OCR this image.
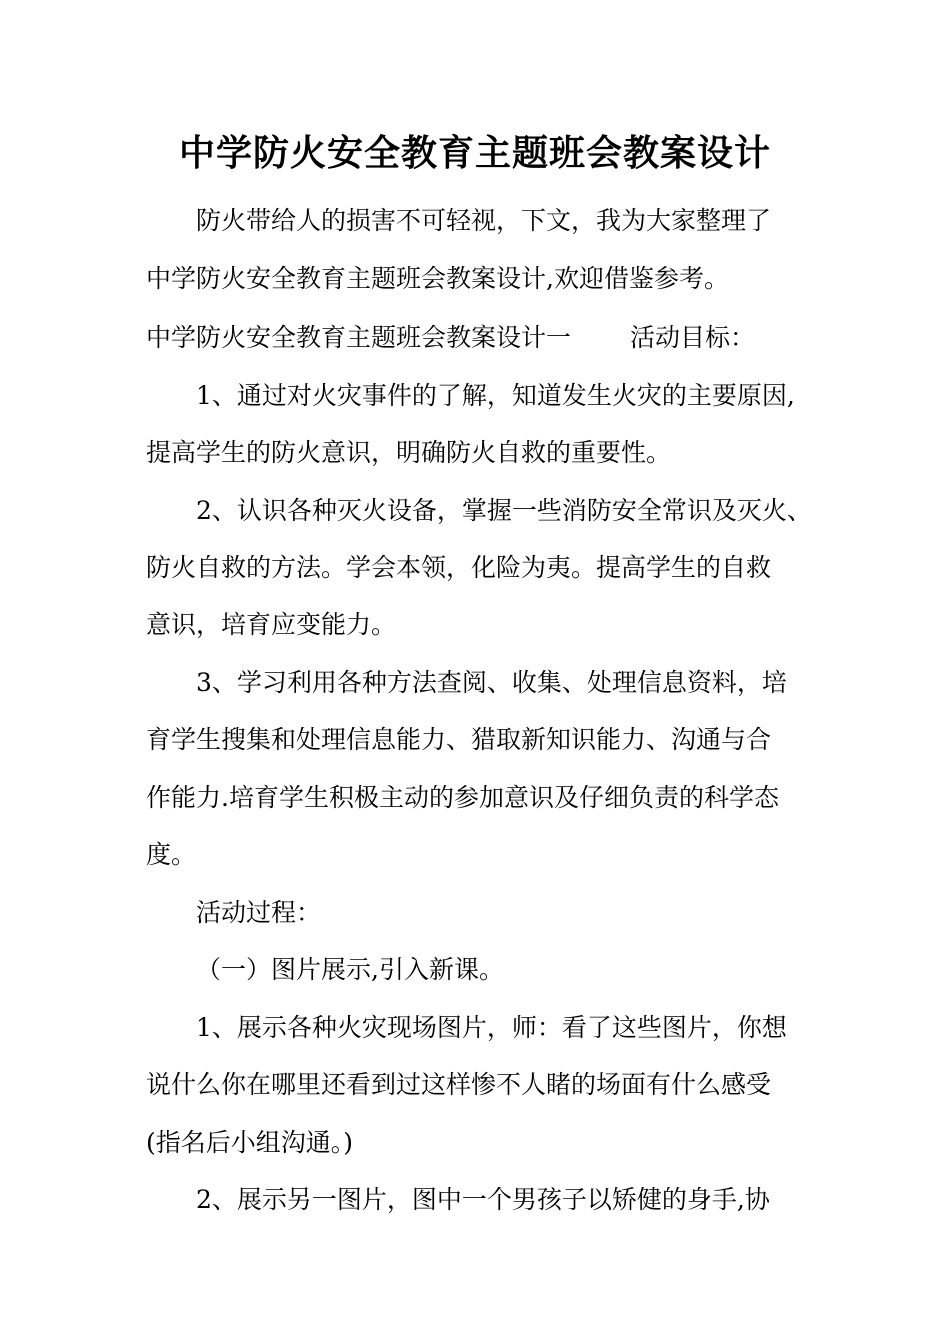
中学防火安全教育主题班会教案设计
防火带给人的损害不可轻视，下文，我为大家整理了
中学防火安全教育主题班会教案设计,欢迎借鉴参考。
中学防火安全教育主题班会教案设计一 活动目标：
1、通过对火灾事件的了解，知道发生火灾的主要原因,
提高学生的防火意识，明确防火自救的重要性。
2、认识各种灭火设备，掌握一些消防安全常识及灭火、
防火自救的方法。学会本领，化险为夷。提高学生的自救
意识，培育应变能力。
3、学习利用各种方法查阅、收集、处理信息资料，培
育学生搜集和处理信息能力、猎取新知识能力、沟通与合
作能力.培育学生积极主动的参加意识及仔细负责的科学态
度。
活动过程：
（一）图片展示,引入新课。
1、展示各种火灾现场图片，师：看了这些图片，你想
说什么你在哪里还看到过这样惨不人睹的场面有什么感受
(指名后小组沟通。)
2、展示另一图片，图中一个男孩子以矫健的身手,协
